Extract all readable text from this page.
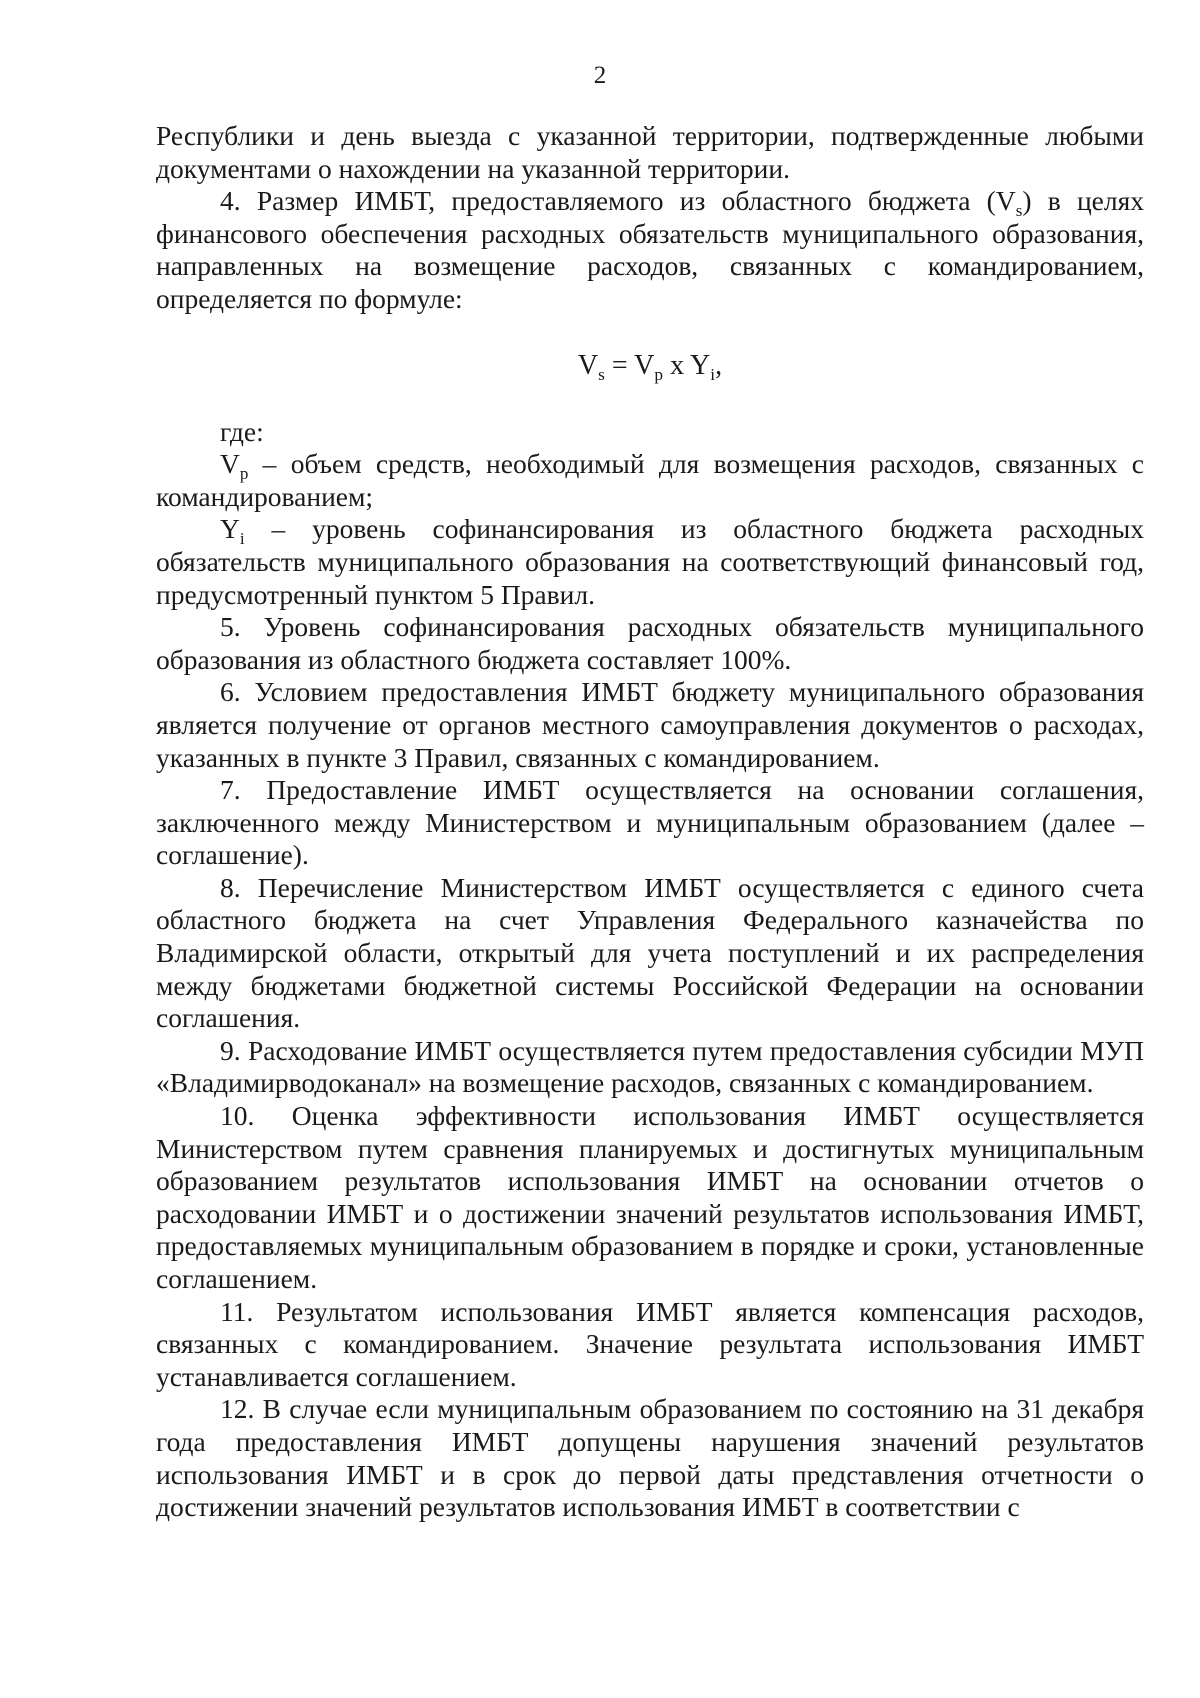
2

Республики и день выезда с указанной территории, подтвержденные любыми документами о нахождении на указанной территории.

4. Размер ИМБТ, предоставляемого из областного бюджета $(V_s)$ в целях финансового обеспечения расходных обязательств муниципального образования, направленных на возмещение расходов, связанных с командированием, определяется по формуле:

$V_s = V_p$ x $Y_i$,

где:

$V_p$ – объем средств, необходимый для возмещения расходов, связанных с командированием;

$Y_i$ – уровень софинансирования из областного бюджета расходных обязательств муниципального образования на соответствующий финансовый год, предусмотренный пунктом 5 Правил.

5. Уровень софинансирования расходных обязательств муниципального образования из областного бюджета составляет 100%.

6. Условием предоставления ИМБТ бюджету муниципального образования является получение от органов местного самоуправления документов о расходах, указанных в пункте 3 Правил, связанных с командированием.

7. Предоставление ИМБТ осуществляется на основании соглашения, заключенного между Министерством и муниципальным образованием (далее – соглашение).

8. Перечисление Министерством ИМБТ осуществляется с единого счета областного бюджета на счет Управления Федерального казначейства по Владимирской области, открытый для учета поступлений и их распределения между бюджетами бюджетной системы Российской Федерации на основании соглашения.

9. Расходование ИМБТ осуществляется путем предоставления субсидии МУП «Владимирводоканал» на возмещение расходов, связанных с командированием.

10. Оценка эффективности использования ИМБТ осуществляется Министерством путем сравнения планируемых и достигнутых муниципальным образованием результатов использования ИМБТ на основании отчетов о расходовании ИМБТ и о достижении значений результатов использования ИМБТ, предоставляемых муниципальным образованием в порядке и сроки, установленные соглашением.

11. Результатом использования ИМБТ является компенсация расходов, связанных с командированием. Значение результата использования ИМБТ устанавливается соглашением.

12. В случае если муниципальным образованием по состоянию на 31 декабря года предоставления ИМБТ допущены нарушения значений результатов использования ИМБТ и в срок до первой даты представления отчетности о достижении значений результатов использования ИМБТ в соответствии с
